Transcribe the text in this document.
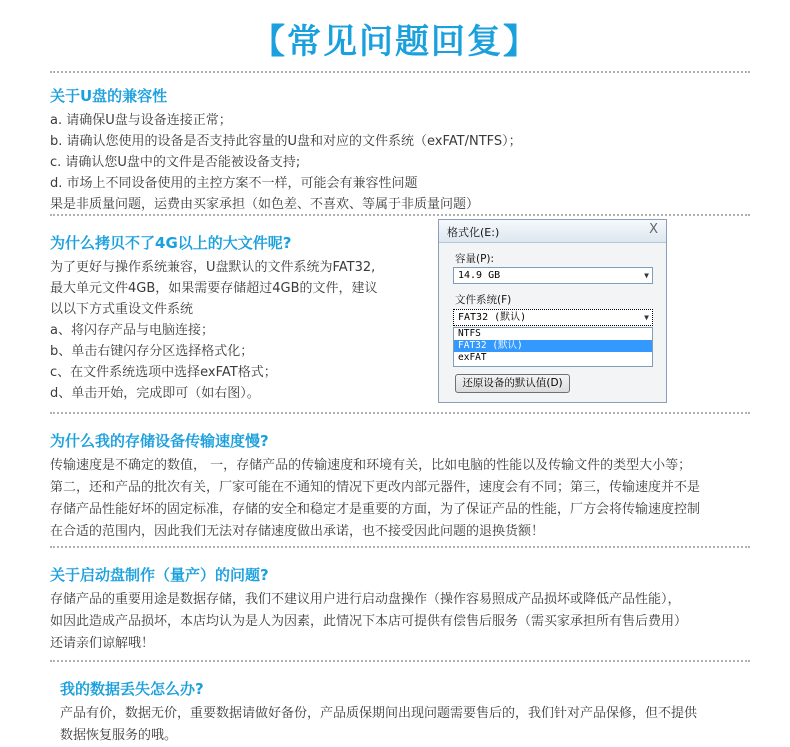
【常见问题回复】
关于U盘的兼容性
a. 请确保U盘与设备连接正常；
b. 请确认您使用的设备是否支持此容量的U盘和对应的文件系统（exFAT/NTFS）；
c. 请确认您U盘中的文件是否能被设备支持;
d. 市场上不同设备使用的主控方案不一样，可能会有兼容性问题
果是非质量问题，运费由买家承担（如色差、不喜欢、等属于非质量问题）
为什么拷贝不了4G以上的大文件呢?
为了更好与操作系统兼容，U盘默认的文件系统为FAT32,
最大单元文件4GB，如果需要存储超过4GB的文件，建议
以以下方式重设文件系统
a、将闪存产品与电脑连接；
b、单击右键闪存分区选择格式化；
c、在文件系统选项中选择exFAT格式；
d、单击开始，完成即可（如右图）。
格式化(E:)	X
容量(P):
14.9 GB	▼
文件系统(F)
FAT32 (默认)	▼
NTFS
FAT32 (默认)
exFAT
还原设备的默认值(D)
为什么我的存储设备传输速度慢?
传输速度是不确定的数值， 一，存储产品的传输速度和环境有关，比如电脑的性能以及传输文件的类型大小等；
第二，还和产品的批次有关，厂家可能在不通知的情况下更改内部元器件，速度会有不同；第三，传输速度并不是
存储产品性能好坏的固定标准，存储的安全和稳定才是重要的方面，为了保证产品的性能，厂方会将传输速度控制
在合适的范围内，因此我们无法对存储速度做出承诺，也不接受因此问题的退换货额！
关于启动盘制作（量产）的问题?
存储产品的重要用途是数据存储，我们不建议用户进行启动盘操作（操作容易照成产品损坏或降低产品性能），
如因此造成产品损坏，本店均认为是人为因素，此情况下本店可提供有偿售后服务（需买家承担所有售后费用）
还请亲们谅解哦！
我的数据丢失怎么办?
产品有价，数据无价，重要数据请做好备份，产品质保期间出现问题需要售后的，我们针对产品保修，但不提供
数据恢复服务的哦。
